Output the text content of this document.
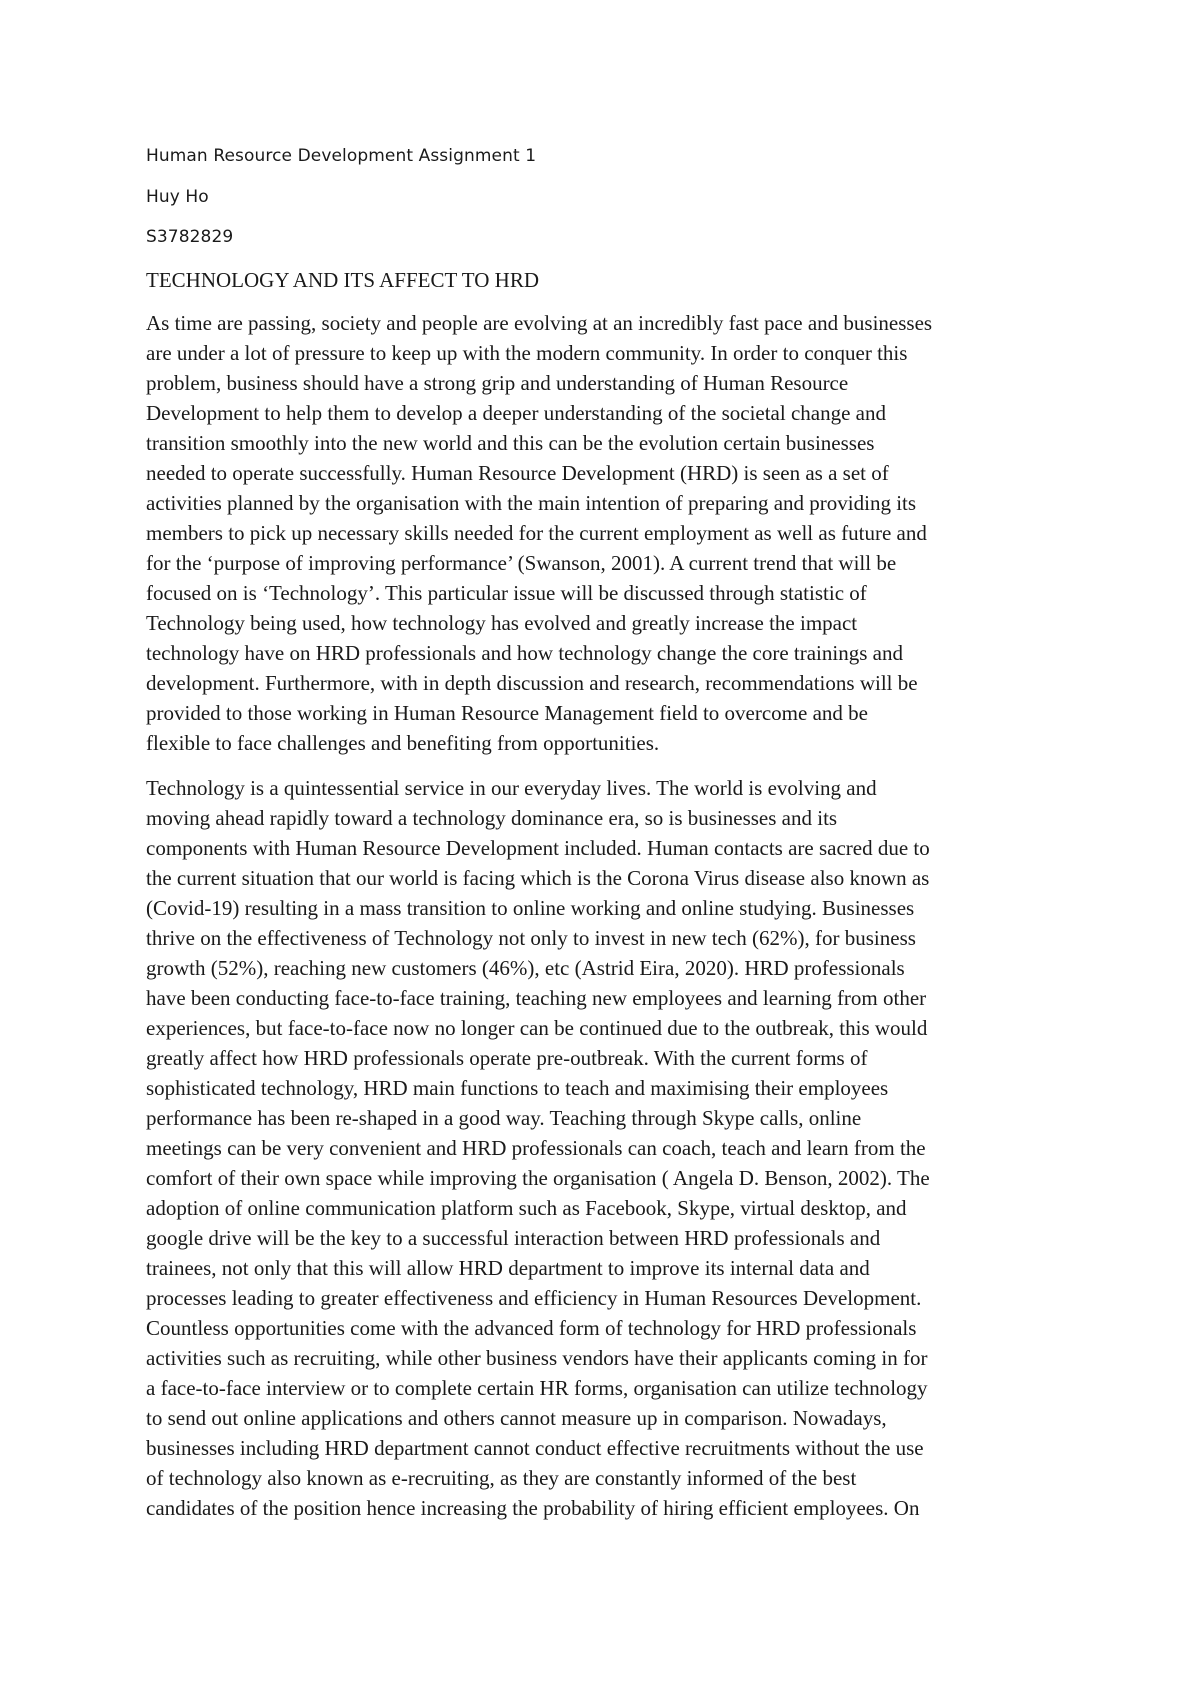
Human Resource Development Assignment 1
Huy Ho
S3782829
TECHNOLOGY AND ITS AFFECT TO HRD

As time are passing, society and people are evolving at an incredibly fast pace and businesses
are under a lot of pressure to keep up with the modern community. In order to conquer this
problem, business should have a strong grip and understanding of Human Resource
Development to help them to develop a deeper understanding of the societal change and
transition smoothly into the new world and this can be the evolution certain businesses
needed to operate successfully. Human Resource Development (HRD) is seen as a set of
activities planned by the organisation with the main intention of preparing and providing its
members to pick up necessary skills needed for the current employment as well as future and
for the ‘purpose of improving performance’ (Swanson, 2001). A current trend that will be
focused on is ‘Technology’. This particular issue will be discussed through statistic of
Technology being used, how technology has evolved and greatly increase the impact
technology have on HRD professionals and how technology change the core trainings and
development. Furthermore, with in depth discussion and research, recommendations will be
provided to those working in Human Resource Management field to overcome and be
flexible to face challenges and benefiting from opportunities.

Technology is a quintessential service in our everyday lives. The world is evolving and
moving ahead rapidly toward a technology dominance era, so is businesses and its
components with Human Resource Development included. Human contacts are sacred due to
the current situation that our world is facing which is the Corona Virus disease also known as
(Covid-19) resulting in a mass transition to online working and online studying. Businesses
thrive on the effectiveness of Technology not only to invest in new tech (62%), for business
growth (52%), reaching new customers (46%), etc (Astrid Eira, 2020). HRD professionals
have been conducting face-to-face training, teaching new employees and learning from other
experiences, but face-to-face now no longer can be continued due to the outbreak, this would
greatly affect how HRD professionals operate pre-outbreak. With the current forms of
sophisticated technology, HRD main functions to teach and maximising their employees
performance has been re-shaped in a good way. Teaching through Skype calls, online
meetings can be very convenient and HRD professionals can coach, teach and learn from the
comfort of their own space while improving the organisation ( Angela D. Benson, 2002). The
adoption of online communication platform such as Facebook, Skype, virtual desktop, and
google drive will be the key to a successful interaction between HRD professionals and
trainees, not only that this will allow HRD department to improve its internal data and
processes leading to greater effectiveness and efficiency in Human Resources Development.
Countless opportunities come with the advanced form of technology for HRD professionals
activities such as recruiting, while other business vendors have their applicants coming in for
a face-to-face interview or to complete certain HR forms, organisation can utilize technology
to send out online applications and others cannot measure up in comparison. Nowadays,
businesses including HRD department cannot conduct effective recruitments without the use
of technology also known as e-recruiting, as they are constantly informed of the best
candidates of the position hence increasing the probability of hiring efficient employees. On
